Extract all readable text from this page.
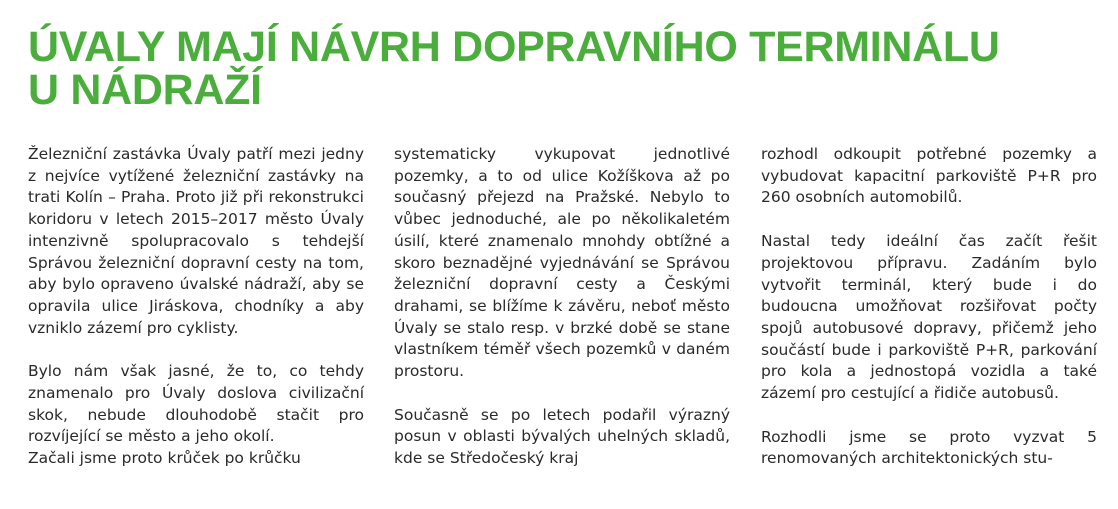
ÚVALY MAJÍ NÁVRH DOPRAVNÍHO TERMINÁLU
U NÁDRAŽÍ

Železniční zastávka Úvaly patří mezi jedny z nejvíce vytížené železniční zastávky na trati Kolín – Praha. Proto již při rekonstrukci koridoru v letech 2015–2017 město Úvaly intenzivně spolupracovalo s tehdejší Správou železniční dopravní cesty na tom, aby bylo opraveno úvalské nádraží, aby se opravila ulice Jiráskova, chodníky a aby vzniklo zázemí pro cyklisty.

Bylo nám však jasné, že to, co tehdy znamenalo pro Úvaly doslova civilizační skok, nebude dlouhodobě stačit pro rozvíjející se město a jeho okolí.

Začali jsme proto krůček po krůčku

systematicky vykupovat jednotlivé pozemky, a to od ulice Kožíškova až po současný přejezd na Pražské. Nebylo to vůbec jednoduché, ale po několikaletém úsilí, které znamenalo mnohdy obtížné a skoro beznadějné vyjednávání se Správou železniční dopravní cesty a Českými drahami, se blížíme k závěru, neboť město Úvaly se stalo resp. v brzké době se stane vlastníkem téměř všech pozemků v daném prostoru.

Současně se po letech podařil výrazný posun v oblasti bývalých uhelných skladů, kde se Středočeský kraj

rozhodl odkoupit potřebné pozemky a vybudovat kapacitní parkoviště P+R pro 260 osobních automobilů.

Nastal tedy ideální čas začít řešit projektovou přípravu. Zadáním bylo vytvořit terminál, který bude i do budoucna umožňovat rozšiřovat počty spojů autobusové dopravy, přičemž jeho součástí bude i parkoviště P+R, parkování pro kola a jednostopá vozidla a také zázemí pro cestující a řidiče autobusů.

Rozhodli jsme se proto vyzvat 5 renomovaných architektonických stu-
